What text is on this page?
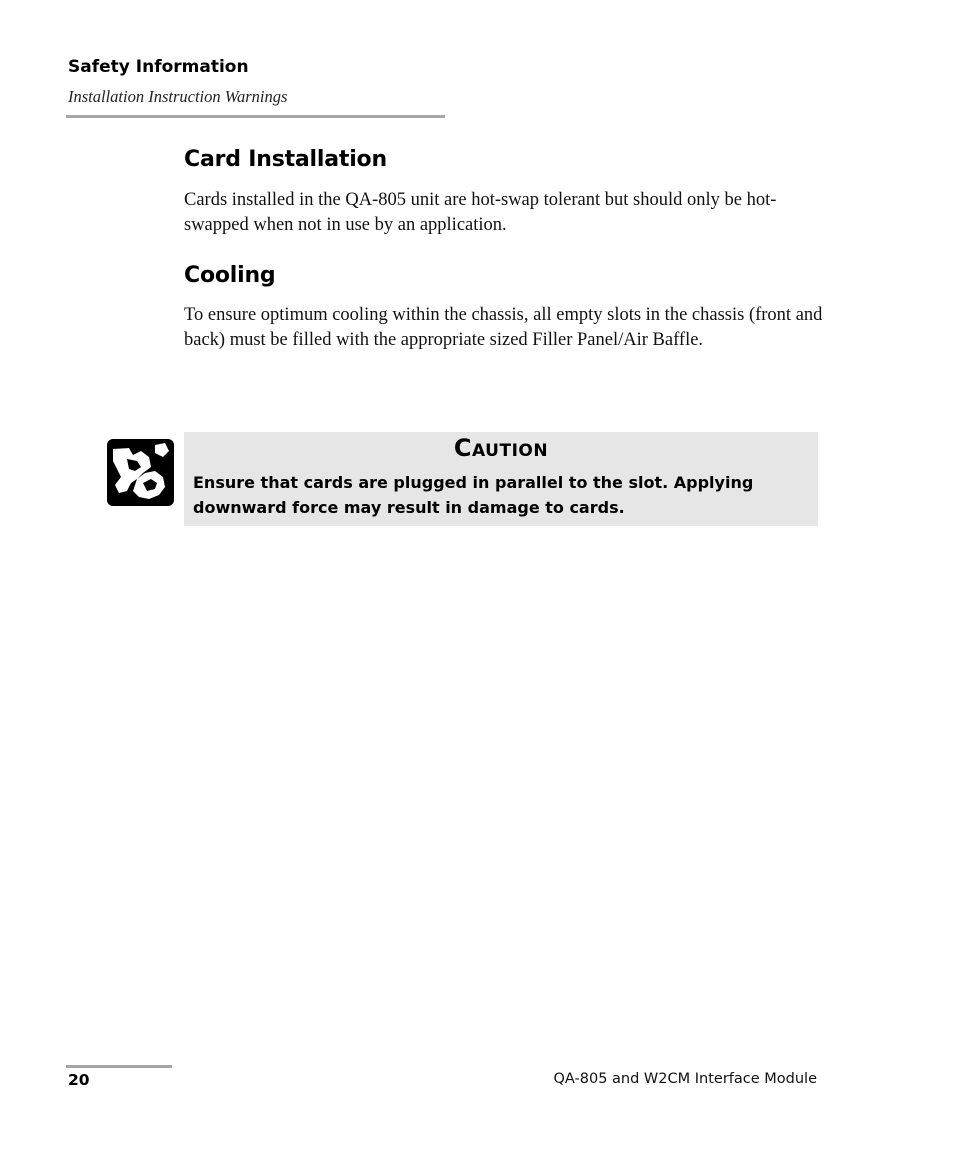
Safety Information
Installation Instruction Warnings
Card Installation
Cards installed in the QA-805 unit are hot-swap tolerant but should only be hot-swapped when not in use by an application.
Cooling
To ensure optimum cooling within the chassis, all empty slots in the chassis (front and back) must be filled with the appropriate sized Filler Panel/Air Baffle.
Caution
Ensure that cards are plugged in parallel to the slot. Applying downward force may result in damage to cards.
20	QA-805 and W2CM Interface Module
